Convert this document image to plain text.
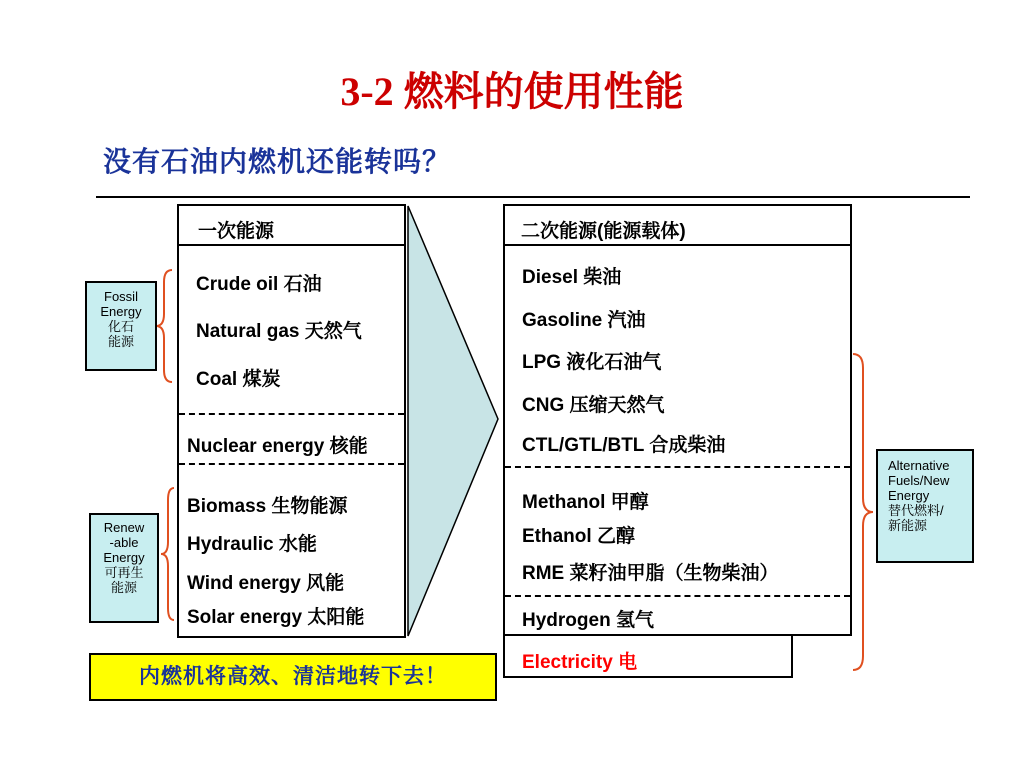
3-2 燃料的使用性能
没有石油内燃机还能转吗？
一次能源
Crude oil 石油
Natural gas 天然气
Coal 煤炭
Nuclear energy 核能
Biomass 生物能源
Hydraulic 水能
Wind energy 风能
Solar energy 太阳能
二次能源(能源载体)
Diesel 柴油
Gasoline 汽油
LPG 液化石油气
CNG 压缩天然气
CTL/GTL/BTL 合成柴油
Methanol 甲醇
Ethanol 乙醇
RME 菜籽油甲脂（生物柴油）
Hydrogen 氢气
Electricity 电
Fossil
Energy
化石
能源
Renew
-able
Energy
可再生
能源
Alternative
Fuels/New
Energy
替代燃料/
新能源
内燃机将高效、清洁地转下去！
